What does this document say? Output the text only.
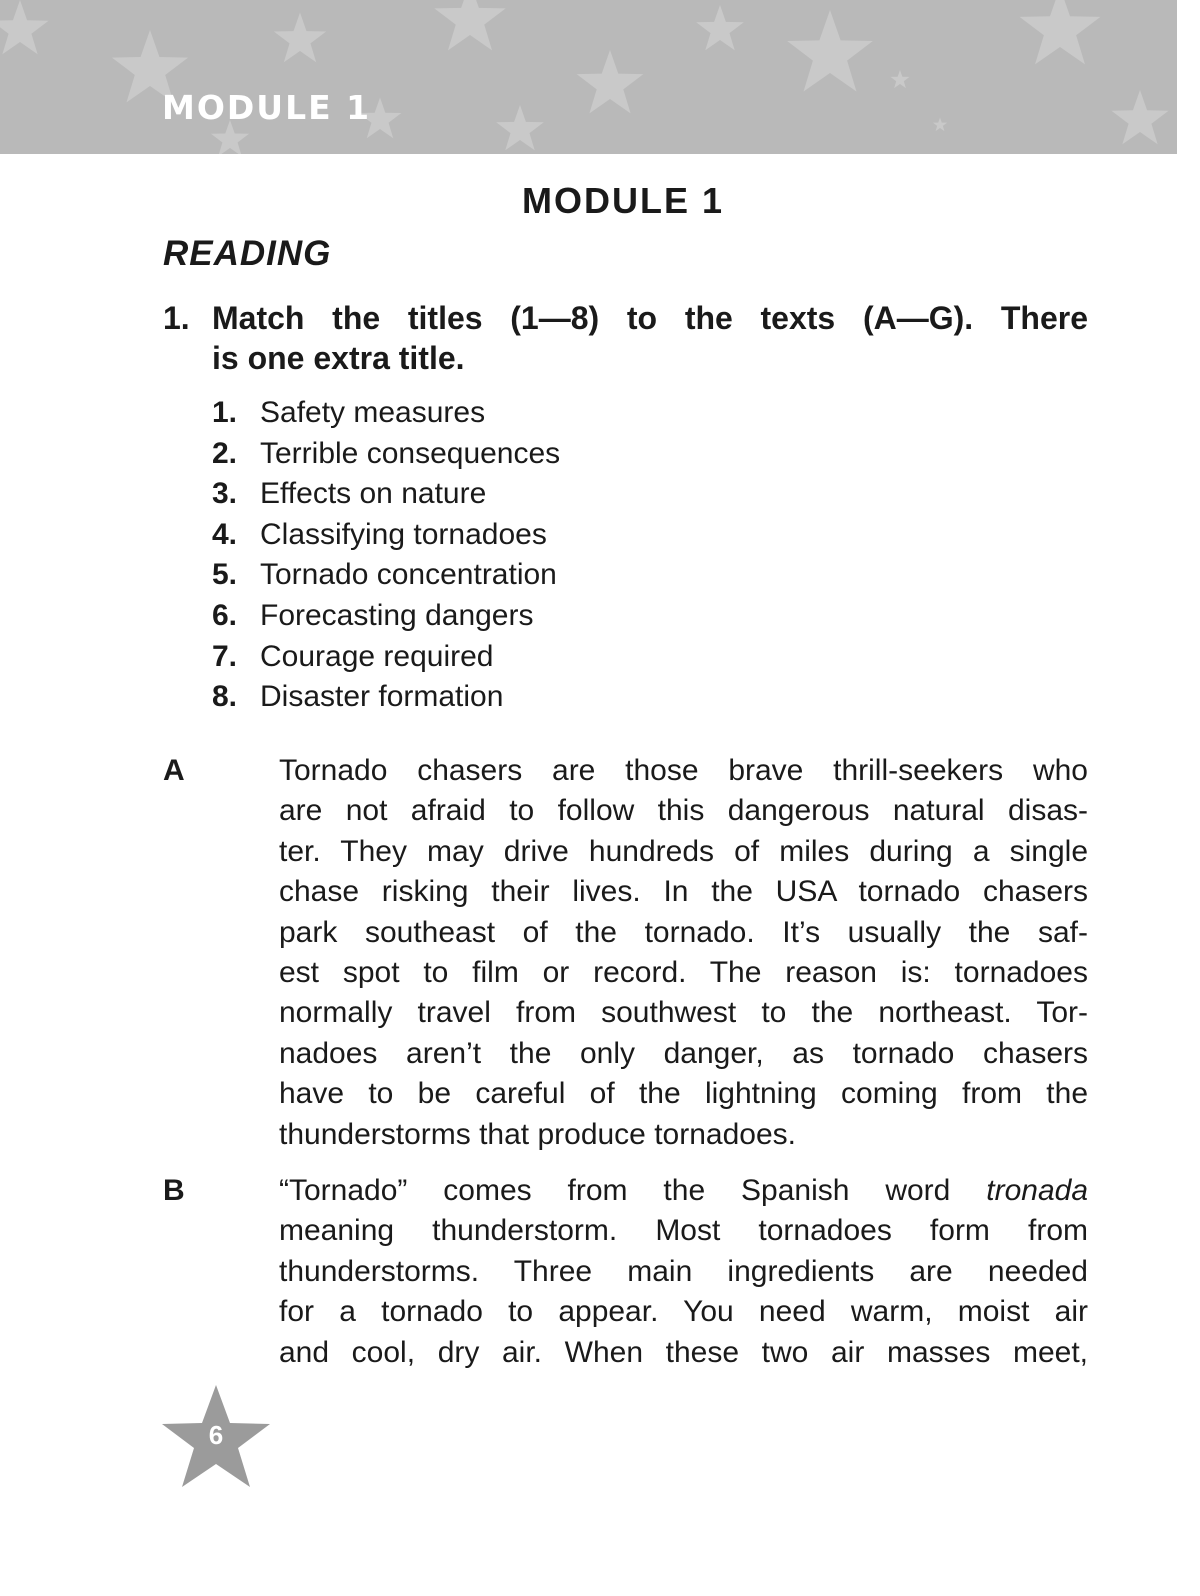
MODULE 1
MODULE 1
READING
1. Match the titles (1—8) to the texts (A—G). There
is one extra title.
1. Safety measures
2. Terrible consequences
3. Effects on nature
4. Classifying tornadoes
5. Tornado concentration
6. Forecasting dangers
7. Courage required
8. Disaster formation
A	Tornado chasers are those brave thrill-seekers who
are not afraid to follow this dangerous natural disas-
ter. They may drive hundreds of miles during a single
chase risking their lives. In the USA tornado chasers
park southeast of the tornado. It’s usually the saf-
est spot to film or record. The reason is: tornadoes
normally travel from southwest to the northeast. Tor-
nadoes aren’t the only danger, as tornado chasers
have to be careful of the lightning coming from the
thunderstorms that produce tornadoes.
B	“Tornado” comes from the Spanish word tronada
meaning thunderstorm. Most tornadoes form from
thunderstorms. Three main ingredients are needed
for a tornado to appear. You need warm, moist air
and cool, dry air. When these two air masses meet,
6
